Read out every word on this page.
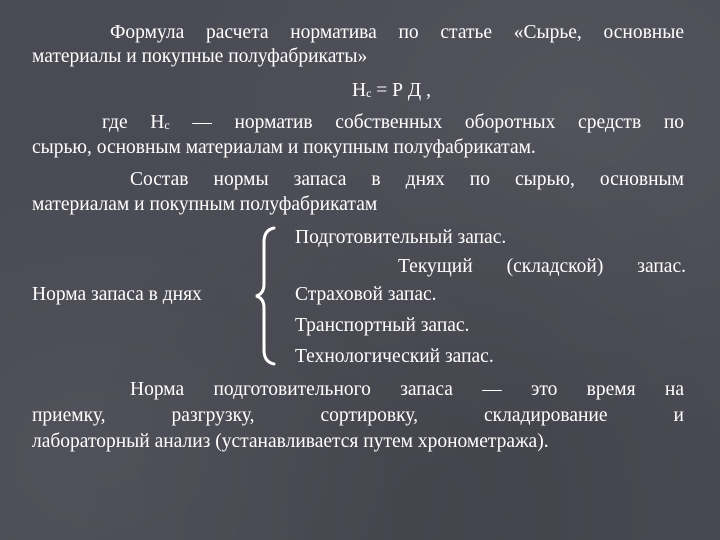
Формула расчета норматива по статье «Сырье, основные
материалы и покупные полуфабрикаты»
Нс = Р Д ,
где Нс — норматив собственных оборотных средств по
сырью, основным материалам и покупным полуфабрикатам.
Состав нормы запаса в днях по сырью, основным
материалам и покупным полуфабрикатам
Подготовительный запас.
Текущий (складской) запас.
Норма запаса в днях	Страховой запас.
Транспортный запас.
Технологический запас.
Норма подготовительного запаса — это время на
приемку, разгрузку, сортировку, складирование и
лабораторный анализ (устанавливается путем хронометража).
